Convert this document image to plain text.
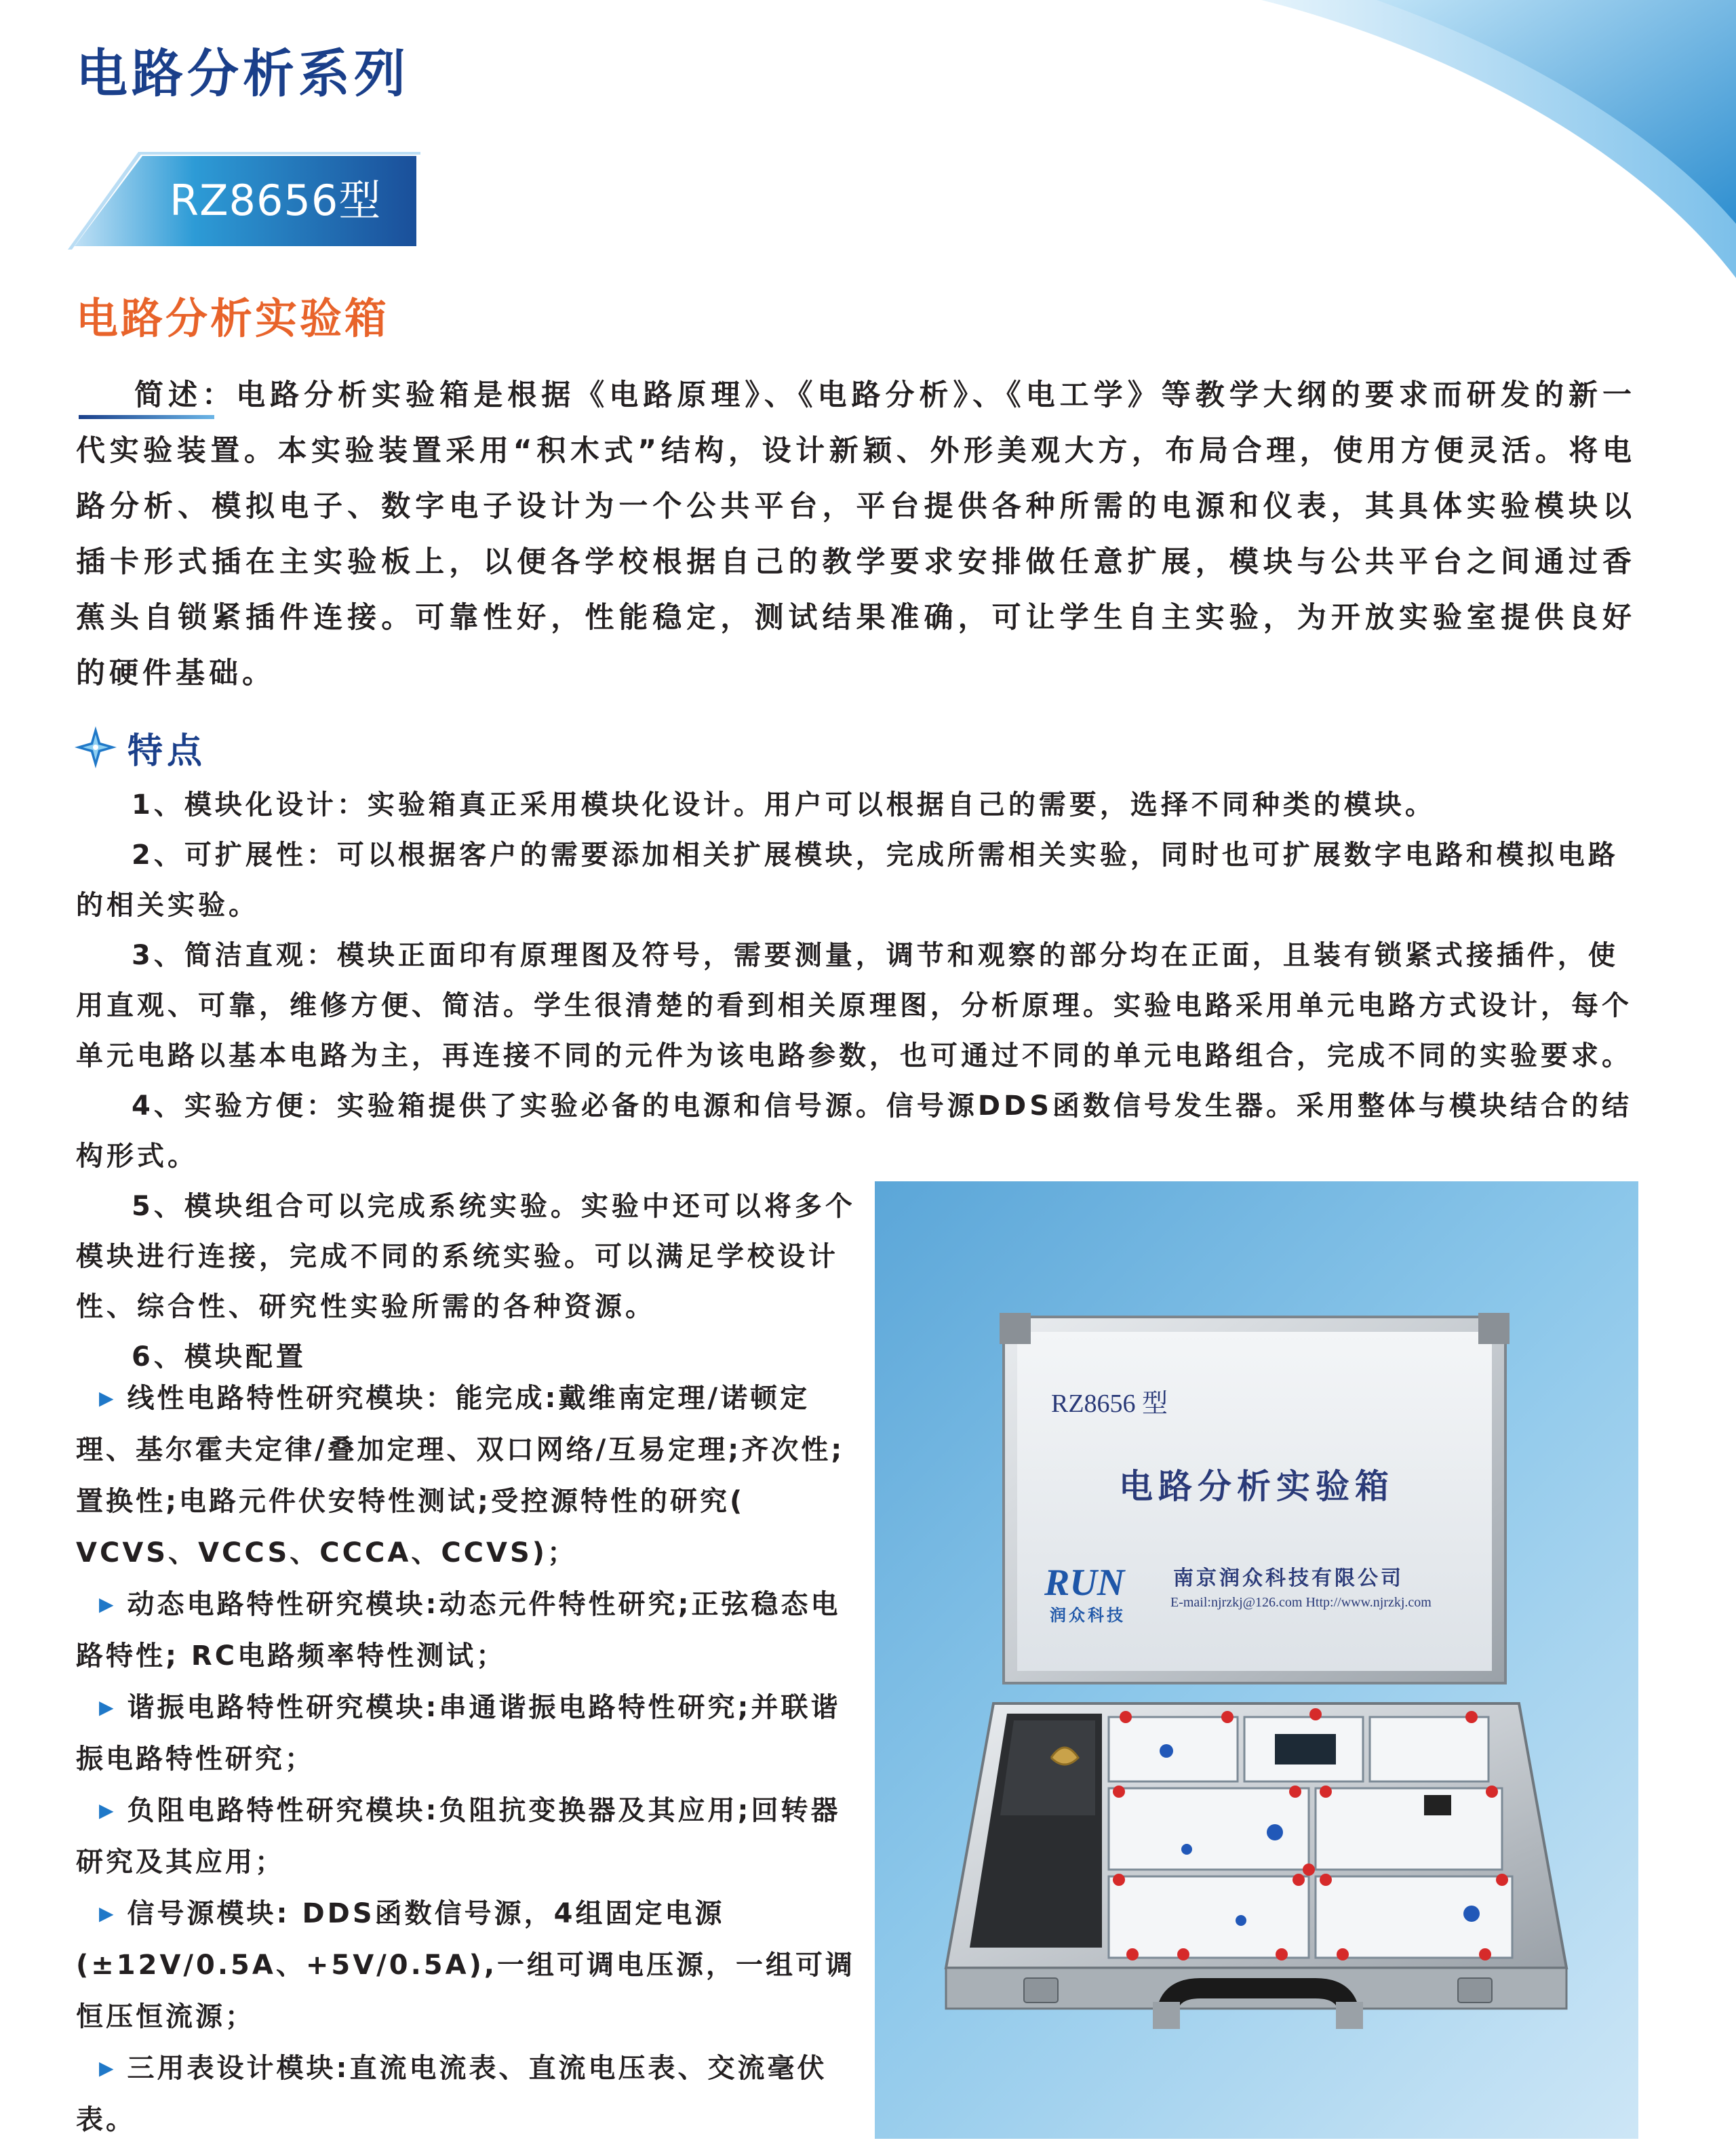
电路分析系列
RZ8656型
电路分析实验箱

简述：电路分析实验箱是根据《电路原理》、《电路分析》、《电工学》等教学大纲的要求而研发的新一代实验装置。本实验装置采用“积木式”结构，设计新颖、外形美观大方，布局合理，使用方便灵活。将电路分析、模拟电子、数字电子设计为一个公共平台，平台提供各种所需的电源和仪表，其具体实验模块以插卡形式插在主实验板上，以便各学校根据自己的教学要求安排做任意扩展，模块与公共平台之间通过香蕉头自锁紧插件连接。可靠性好，性能稳定，测试结果准确，可让学生自主实验，为开放实验室提供良好的硬件基础。

特点

1、模块化设计：实验箱真正采用模块化设计。用户可以根据自己的需要，选择不同种类的模块。

2、可扩展性：可以根据客户的需要添加相关扩展模块，完成所需相关实验，同时也可扩展数字电路和模拟电路的相关实验。

3、简洁直观：模块正面印有原理图及符号，需要测量，调节和观察的部分均在正面，且装有锁紧式接插件，使用直观、可靠，维修方便、简洁。学生很清楚的看到相关原理图，分析原理。实验电路采用单元电路方式设计，每个单元电路以基本电路为主，再连接不同的元件为该电路参数，也可通过不同的单元电路组合，完成不同的实验要求。

4、实验方便：实验箱提供了实验必备的电源和信号源。信号源DDS函数信号发生器。采用整体与模块结合的结构形式。

5、模块组合可以完成系统实验。实验中还可以将多个模块进行连接，完成不同的系统实验。可以满足学校设计性、综合性、研究性实验所需的各种资源。

6、模块配置

▶ 线性电路特性研究模块：能完成:戴维南定理/诺顿定理、基尔霍夫定律/叠加定理、双口网络/互易定理;齐次性;置换性;电路元件伏安特性测试;受控源特性的研究( VCVS、VCCS、CCCA、CCVS)；

▶ 动态电路特性研究模块:动态元件特性研究;正弦稳态电路特性; RC电路频率特性测试；

▶ 谐振电路特性研究模块:串通谐振电路特性研究;并联谐振电路特性研究；

▶ 负阻电路特性研究模块:负阻抗变换器及其应用;回转器研究及其应用；

▶ 信号源模块: DDS函数信号源，4组固定电源(±12V/0.5A、+5V/0.5A),一组可调电压源，一组可调恒压恒流源；

▶ 三用表设计模块:直流电流表、直流电压表、交流毫伏表。

RZ8656 型
电路分析实验箱
RUN
润众科技
南京润众科技有限公司
E-mail:njrzkj@126.com Http://www.njrzkj.com
